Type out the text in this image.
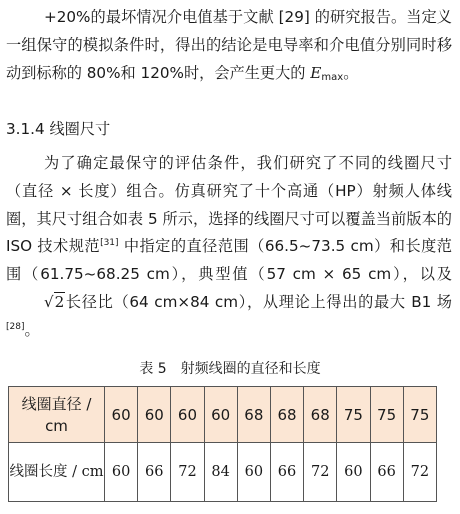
+20%的最坏情况介电值基于文献 [29] 的研究报告。当定义一组保守的模拟条件时，得出的结论是电导率和介电值分别同时移动到标称的 80%和 120%时，会产生更大的 $E_{max}$。

3.1.4 线圈尺寸

为了确定最保守的评估条件，我们研究了不同的线圈尺寸（直径 × 长度）组合。仿真研究了十个高通（HP）射频人体线圈，其尺寸组合如表 5 所示，选择的线圈尺寸可以覆盖当前版本的 ISO 技术规范[31] 中指定的直径范围（66.5~73.5 cm）和长度范围（61.75~68.25 cm），典型值（57 cm × 65 cm），以及√2长径比（64 cm×84 cm），从理论上得出的最大 B1 场[28]。

表 5　射频线圈的直径和长度

线圈直径 / cm	60	60	60	60	68	68	68	75	75	75
线圈长度 / cm	60	66	72	84	60	66	72	60	66	72
